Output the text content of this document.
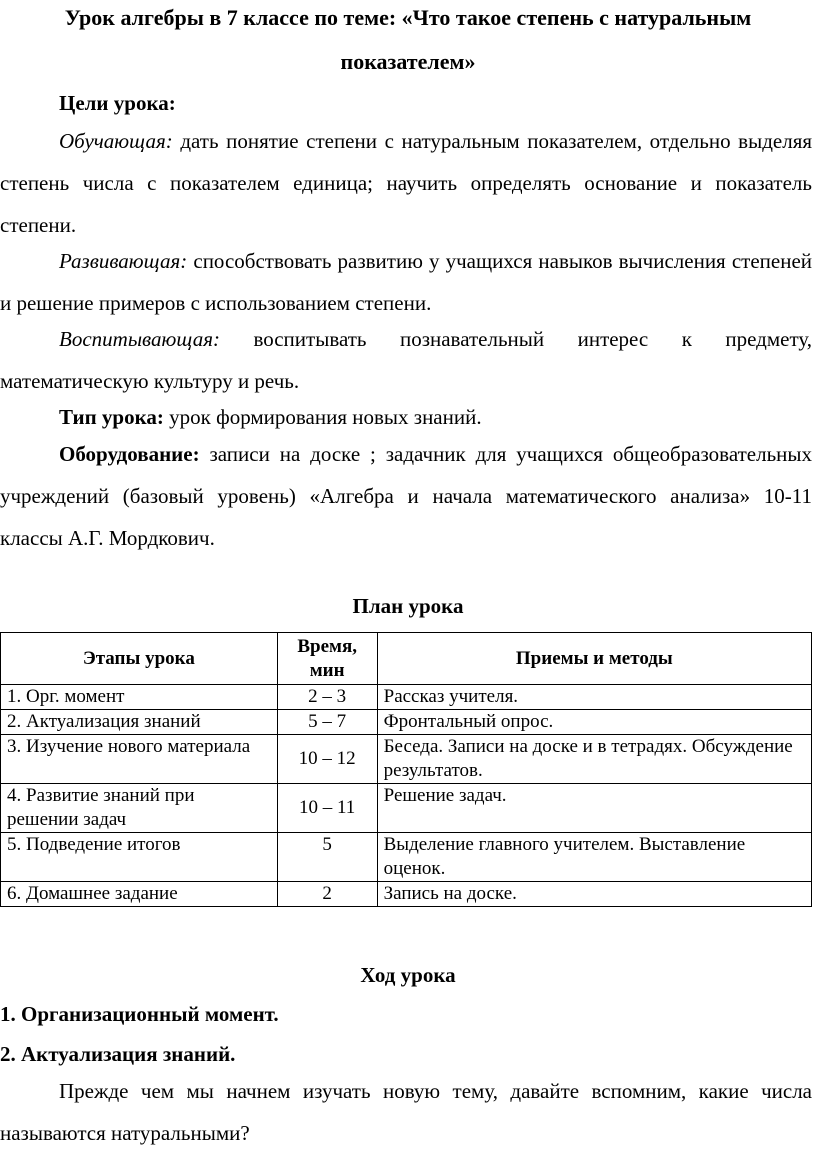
Урок алгебры в 7 классе по теме: «Что такое степень с натуральным
показателем»
Цели урока:
Обучающая: дать понятие степени с натуральным показателем, отдельно выделяя степень числа с показателем единица; научить определять основание и показатель степени.
Развивающая: способствовать развитию у учащихся навыков вычисления степеней и решение примеров с использованием степени.
Воспитывающая: воспитывать познавательный интерес к предмету, математическую культуру и речь.
Тип урока: урок формирования новых знаний.
Оборудование: записи на доске ; задачник для учащихся общеобразовательных учреждений (базовый уровень) «Алгебра и начала математического анализа» 10-11 классы А.Г. Мордкович.
План урока
Этапы урока	Время, мин	Приемы и методы
1. Орг. момент	2 – 3	Рассказ учителя.
2. Актуализация знаний	5 – 7	Фронтальный опрос.
3. Изучение нового материала	10 – 12	Беседа. Записи на доске и в тетрадях. Обсуждение результатов.
4. Развитие знаний при решении задач	10 – 11	Решение задач.
5. Подведение итогов	5	Выделение главного учителем. Выставление оценок.
6. Домашнее задание	2	Запись на доске.
Ход урока
1. Организационный момент.
2. Актуализация знаний.
Прежде чем мы начнем изучать новую тему, давайте вспомним, какие числа называются натуральными?
